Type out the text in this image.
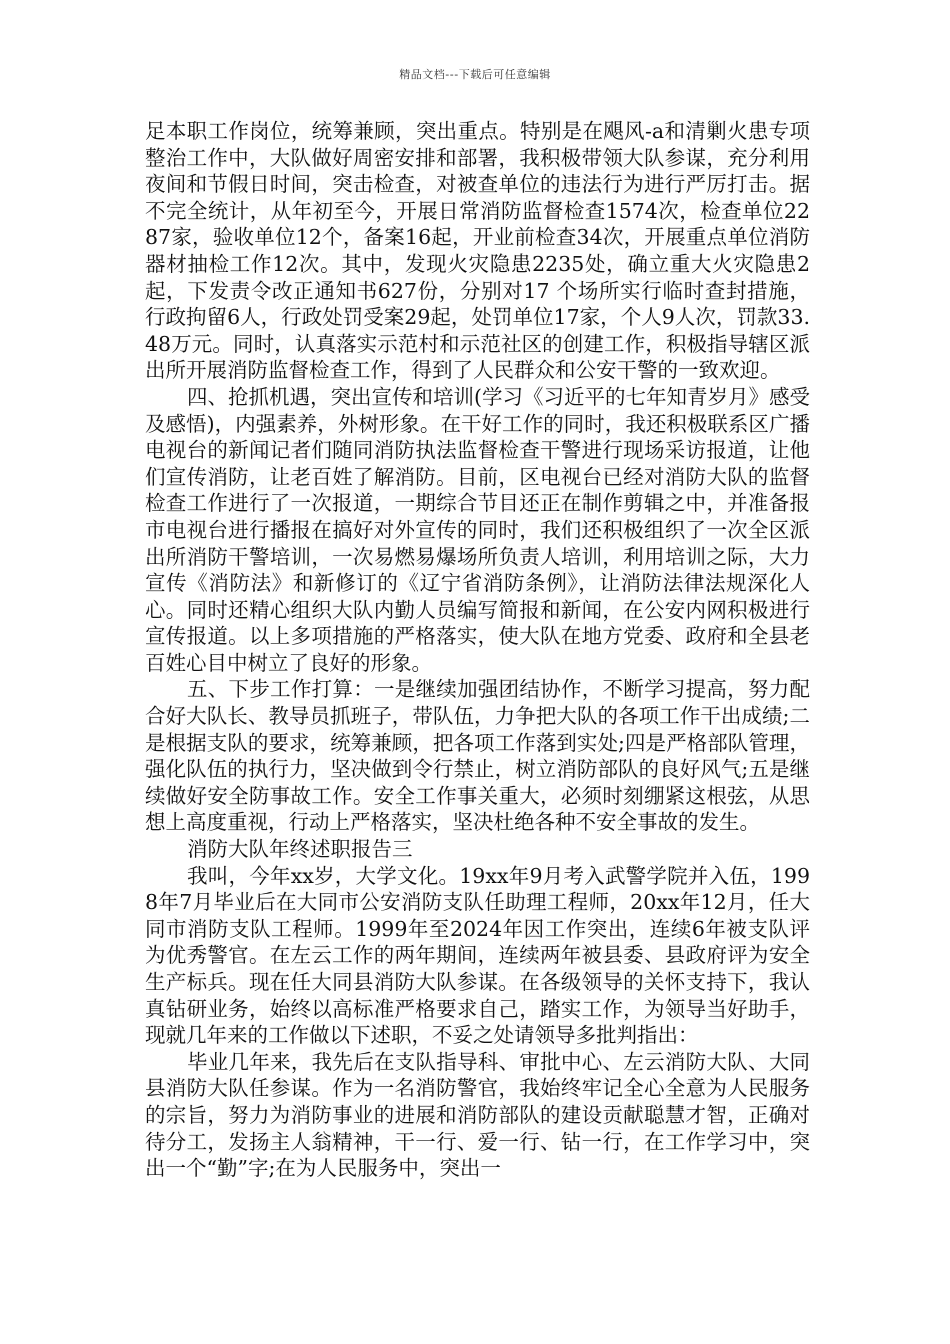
精品文档---下载后可任意编辑

足本职工作岗位，统筹兼顾，突出重点。特别是在飓风-a和清剿火患专项整治工作中，大队做好周密安排和部署，我积极带领大队参谋，充分利用夜间和节假日时间，突击检查，对被查单位的违法行为进行严厉打击。据不完全统计，从年初至今，开展日常消防监督检查1574次，检查单位2287家，验收单位12个，备案16起，开业前检查34次，开展重点单位消防器材抽检工作12次。其中，发现火灾隐患2235处，确立重大火灾隐患2起，下发责令改正通知书627份，分别对17 个场所实行临时查封措施，行政拘留6人，行政处罚受案29起，处罚单位17家，个人9人次，罚款33.48万元。同时，认真落实示范村和示范社区的创建工作，积极指导辖区派出所开展消防监督检查工作，得到了人民群众和公安干警的一致欢迎。

四、抢抓机遇，突出宣传和培训(学习《习近平的七年知青岁月》感受及感悟)，内强素养，外树形象。在干好工作的同时，我还积极联系区广播电视台的新闻记者们随同消防执法监督检查干警进行现场采访报道，让他们宣传消防，让老百姓了解消防。目前，区电视台已经对消防大队的监督检查工作进行了一次报道，一期综合节目还正在制作剪辑之中，并准备报市电视台进行播报在搞好对外宣传的同时，我们还积极组织了一次全区派出所消防干警培训，一次易燃易爆场所负责人培训，利用培训之际，大力宣传《消防法》和新修订的《辽宁省消防条例》，让消防法律法规深化人心。同时还精心组织大队内勤人员编写简报和新闻，在公安内网积极进行宣传报道。以上多项措施的严格落实，使大队在地方党委、政府和全县老百姓心目中树立了良好的形象。

五、下步工作打算：一是继续加强团结协作，不断学习提高，努力配合好大队长、教导员抓班子，带队伍，力争把大队的各项工作干出成绩;二是根据支队的要求，统筹兼顾，把各项工作落到实处;四是严格部队管理，强化队伍的执行力，坚决做到令行禁止，树立消防部队的良好风气;五是继续做好安全防事故工作。安全工作事关重大，必须时刻绷紧这根弦，从思想上高度重视，行动上严格落实，坚决杜绝各种不安全事故的发生。

消防大队年终述职报告三

我叫，今年xx岁，大学文化。19xx年9月考入武警学院并入伍，1998年7月毕业后在大同市公安消防支队任助理工程师，20xx年12月，任大同市消防支队工程师。1999年至2024年因工作突出，连续6年被支队评为优秀警官。在左云工作的两年期间，连续两年被县委、县政府评为安全生产标兵。现在任大同县消防大队参谋。在各级领导的关怀支持下，我认真钻研业务，始终以高标准严格要求自己，踏实工作，为领导当好助手，现就几年来的工作做以下述职，不妥之处请领导多批判指出：

毕业几年来，我先后在支队指导科、审批中心、左云消防大队、大同县消防大队任参谋。作为一名消防警官，我始终牢记全心全意为人民服务的宗旨，努力为消防事业的进展和消防部队的建设贡献聪慧才智，正确对待分工，发扬主人翁精神，干一行、爱一行、钻一行，在工作学习中，突出一个“勤”字;在为人民服务中，突出一
